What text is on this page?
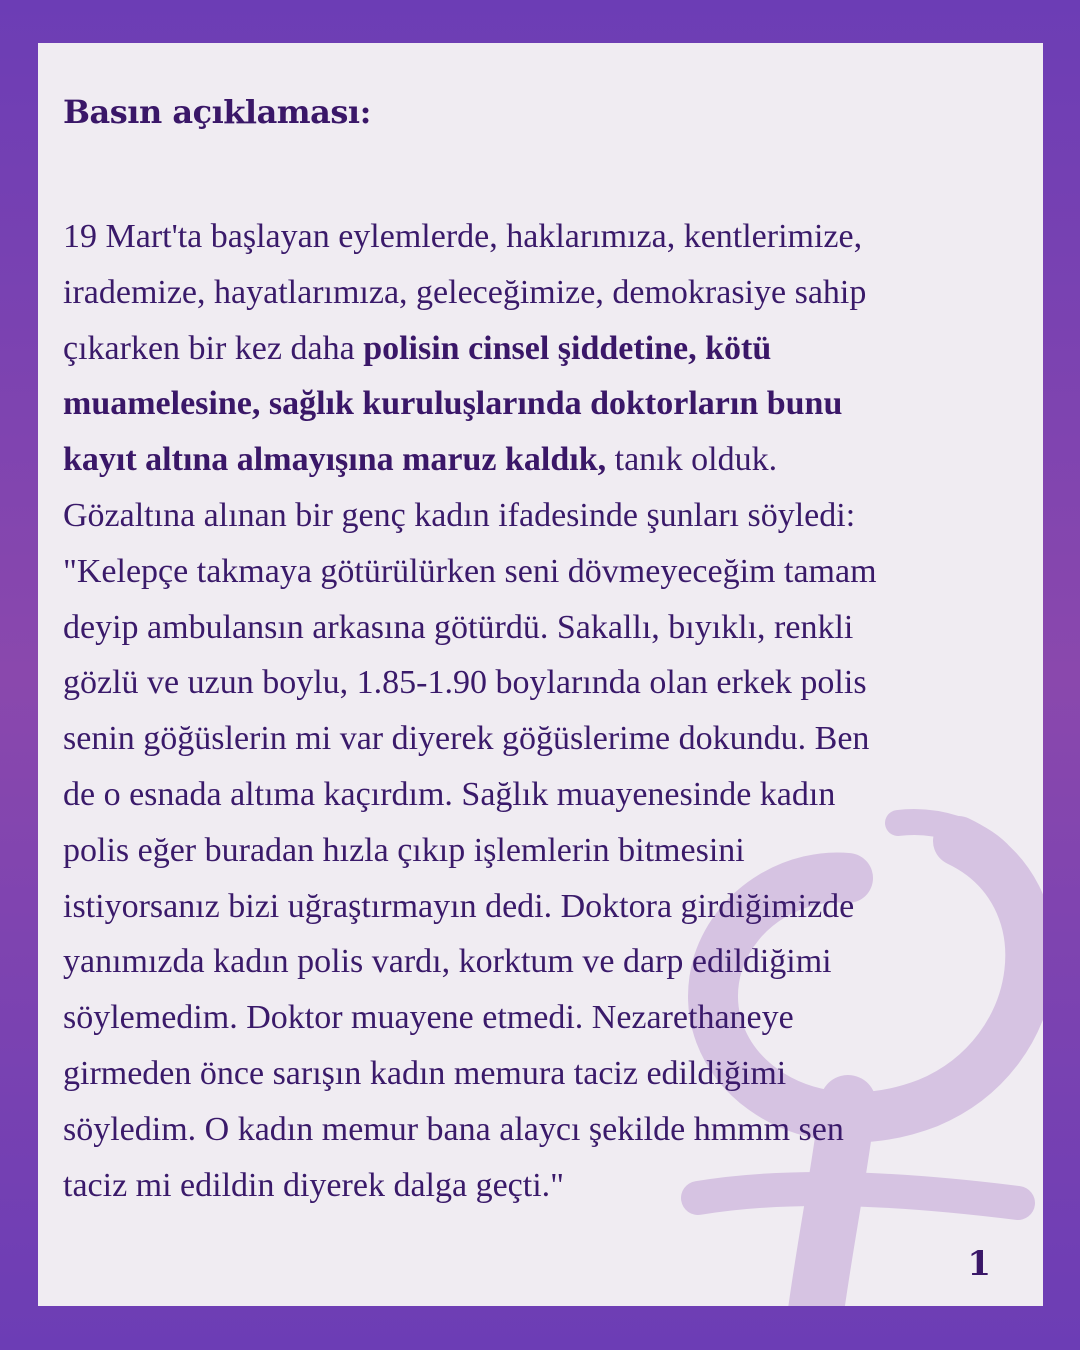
Basın açıklaması:
19 Mart'ta başlayan eylemlerde, haklarımıza, kentlerimize,
irademize, hayatlarımıza, geleceğimize, demokrasiye sahip
çıkarken bir kez daha polisin cinsel şiddetine, kötü
muamelesine, sağlık kuruluşlarında doktorların bunu
kayıt altına almayışına maruz kaldık, tanık olduk.
Gözaltına alınan bir genç kadın ifadesinde şunları söyledi:
"Kelepçe takmaya götürülürken seni dövmeyeceğim tamam
deyip ambulansın arkasına götürdü. Sakallı, bıyıklı, renkli
gözlü ve uzun boylu, 1.85-1.90 boylarında olan erkek polis
senin göğüslerin mi var diyerek göğüslerime dokundu. Ben
de o esnada altıma kaçırdım. Sağlık muayenesinde kadın
polis eğer buradan hızla çıkıp işlemlerin bitmesini
istiyorsanız bizi uğraştırmayın dedi. Doktora girdiğimizde
yanımızda kadın polis vardı, korktum ve darp edildiğimi
söylemedim. Doktor muayene etmedi. Nezarethaneye
girmeden önce sarışın kadın memura taciz edildiğimi
söyledim. O kadın memur bana alaycı şekilde hmmm sen
taciz mi edildin diyerek dalga geçti."
1
